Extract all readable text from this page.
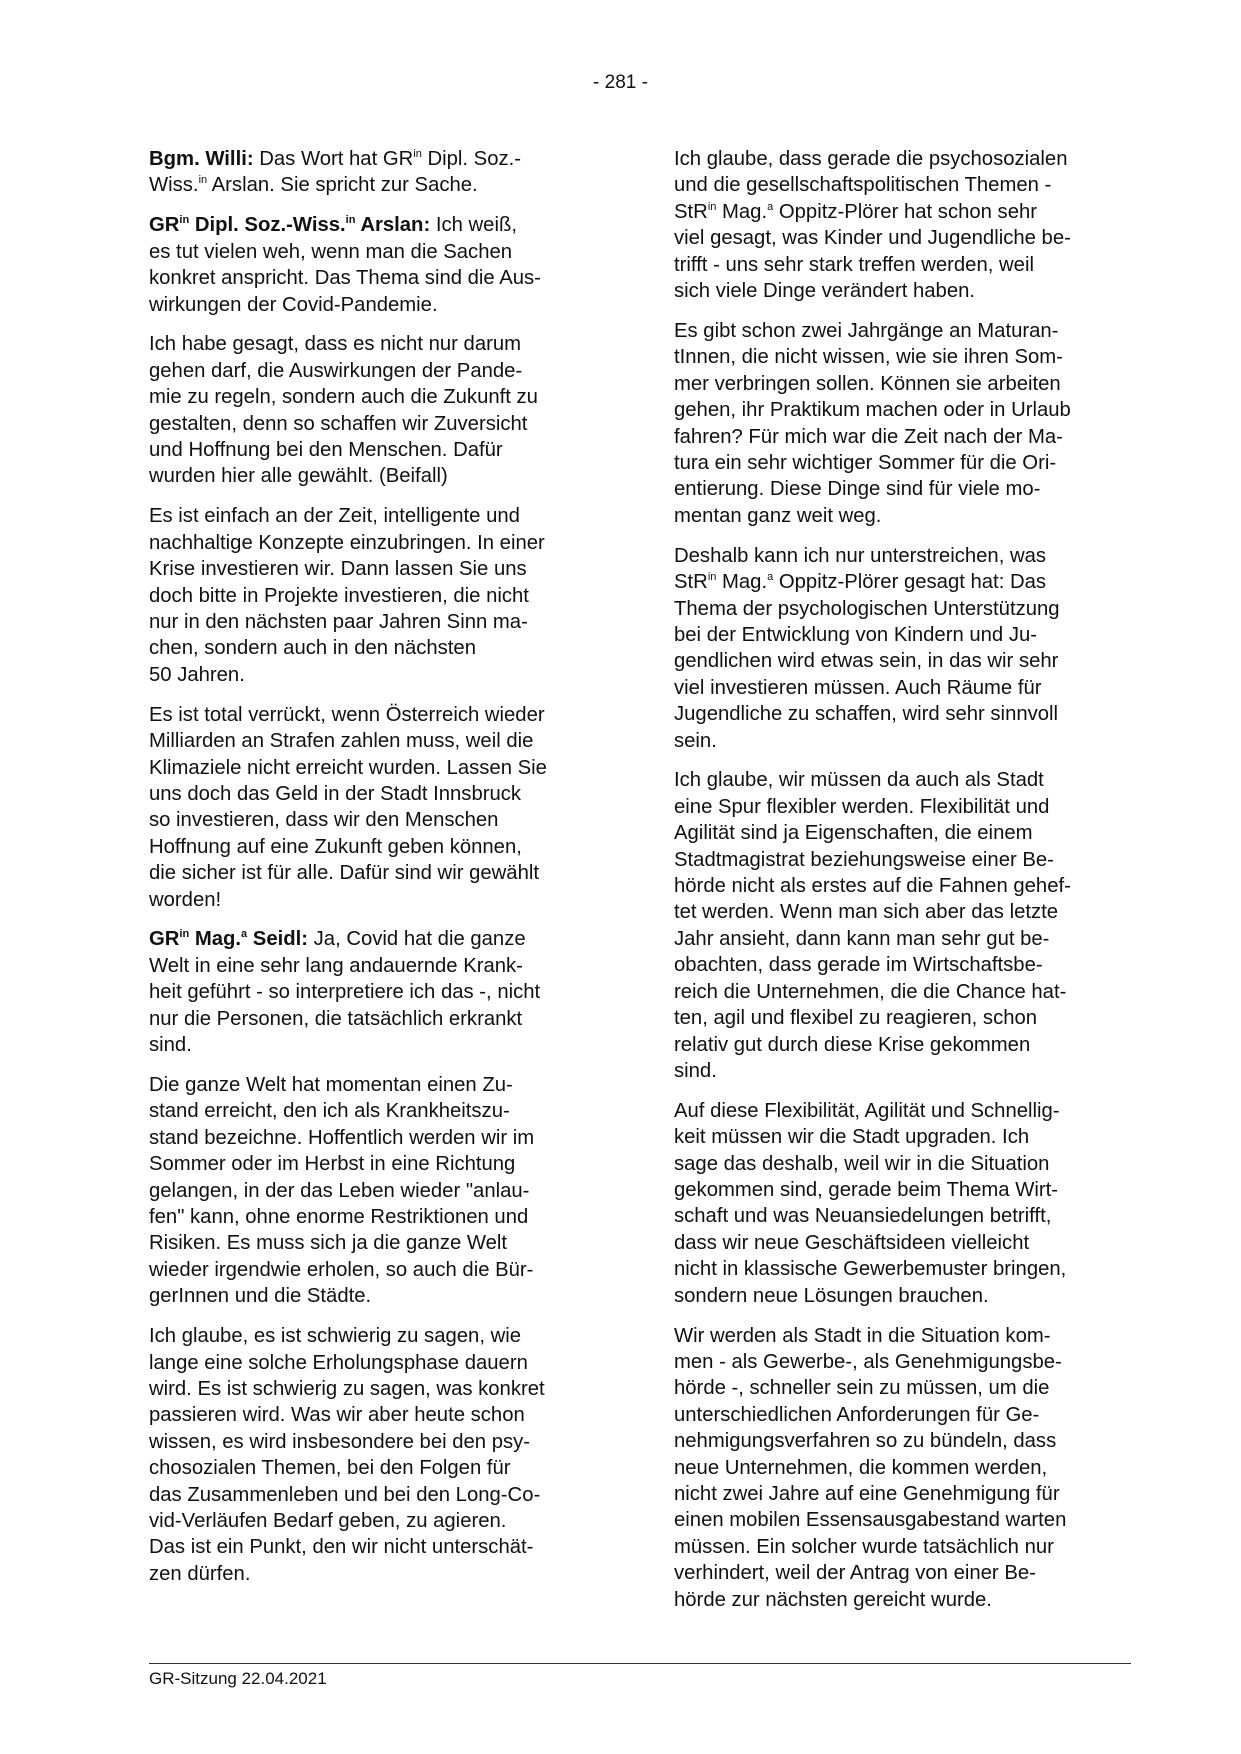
- 281 -

Bgm. Willi: Das Wort hat $GR^{in}$ Dipl. Soz.-
Wiss.$^{in}$ Arslan. Sie spricht zur Sache.

$GR^{in}$ Dipl. Soz.-Wiss.$^{in}$ Arslan: Ich weiß,
es tut vielen weh, wenn man die Sachen
konkret anspricht. Das Thema sind die Aus-
wirkungen der Covid-Pandemie.

Ich habe gesagt, dass es nicht nur darum
gehen darf, die Auswirkungen der Pande-
mie zu regeln, sondern auch die Zukunft zu
gestalten, denn so schaffen wir Zuversicht
und Hoffnung bei den Menschen. Dafür
wurden hier alle gewählt. (Beifall)

Es ist einfach an der Zeit, intelligente und
nachhaltige Konzepte einzubringen. In einer
Krise investieren wir. Dann lassen Sie uns
doch bitte in Projekte investieren, die nicht
nur in den nächsten paar Jahren Sinn ma-
chen, sondern auch in den nächsten
50 Jahren.

Es ist total verrückt, wenn Österreich wieder
Milliarden an Strafen zahlen muss, weil die
Klimaziele nicht erreicht wurden. Lassen Sie
uns doch das Geld in der Stadt Innsbruck
so investieren, dass wir den Menschen
Hoffnung auf eine Zukunft geben können,
die sicher ist für alle. Dafür sind wir gewählt
worden!

$GR^{in}$ Mag.$^a$ Seidl: Ja, Covid hat die ganze
Welt in eine sehr lang andauernde Krank-
heit geführt - so interpretiere ich das -, nicht
nur die Personen, die tatsächlich erkrankt
sind.

Die ganze Welt hat momentan einen Zu-
stand erreicht, den ich als Krankheitszu-
stand bezeichne. Hoffentlich werden wir im
Sommer oder im Herbst in eine Richtung
gelangen, in der das Leben wieder "anlau-
fen" kann, ohne enorme Restriktionen und
Risiken. Es muss sich ja die ganze Welt
wieder irgendwie erholen, so auch die Bür-
gerInnen und die Städte.

Ich glaube, es ist schwierig zu sagen, wie
lange eine solche Erholungsphase dauern
wird. Es ist schwierig zu sagen, was konkret
passieren wird. Was wir aber heute schon
wissen, es wird insbesondere bei den psy-
chosozialen Themen, bei den Folgen für
das Zusammenleben und bei den Long-Co-
vid-Verläufen Bedarf geben, zu agieren.
Das ist ein Punkt, den wir nicht unterschät-
zen dürfen.

Ich glaube, dass gerade die psychosozialen
und die gesellschaftspolitischen Themen -
StR$^{in}$ Mag.$^a$ Oppitz-Plörer hat schon sehr
viel gesagt, was Kinder und Jugendliche be-
trifft - uns sehr stark treffen werden, weil
sich viele Dinge verändert haben.

Es gibt schon zwei Jahrgänge an Maturan-
tInnen, die nicht wissen, wie sie ihren Som-
mer verbringen sollen. Können sie arbeiten
gehen, ihr Praktikum machen oder in Urlaub
fahren? Für mich war die Zeit nach der Ma-
tura ein sehr wichtiger Sommer für die Ori-
entierung. Diese Dinge sind für viele mo-
mentan ganz weit weg.

Deshalb kann ich nur unterstreichen, was
StR$^{in}$ Mag.$^a$ Oppitz-Plörer gesagt hat: Das
Thema der psychologischen Unterstützung
bei der Entwicklung von Kindern und Ju-
gendlichen wird etwas sein, in das wir sehr
viel investieren müssen. Auch Räume für
Jugendliche zu schaffen, wird sehr sinnvoll
sein.

Ich glaube, wir müssen da auch als Stadt
eine Spur flexibler werden. Flexibilität und
Agilität sind ja Eigenschaften, die einem
Stadtmagistrat beziehungsweise einer Be-
hörde nicht als erstes auf die Fahnen gehef-
tet werden. Wenn man sich aber das letzte
Jahr ansieht, dann kann man sehr gut be-
obachten, dass gerade im Wirtschaftsbe-
reich die Unternehmen, die die Chance hat-
ten, agil und flexibel zu reagieren, schon
relativ gut durch diese Krise gekommen
sind.

Auf diese Flexibilität, Agilität und Schnellig-
keit müssen wir die Stadt upgraden. Ich
sage das deshalb, weil wir in die Situation
gekommen sind, gerade beim Thema Wirt-
schaft und was Neuansiedelungen betrifft,
dass wir neue Geschäftsideen vielleicht
nicht in klassische Gewerbemuster bringen,
sondern neue Lösungen brauchen.

Wir werden als Stadt in die Situation kom-
men - als Gewerbe-, als Genehmigungsbe-
hörde -, schneller sein zu müssen, um die
unterschiedlichen Anforderungen für Ge-
nehmigungsverfahren so zu bündeln, dass
neue Unternehmen, die kommen werden,
nicht zwei Jahre auf eine Genehmigung für
einen mobilen Essensausgabestand warten
müssen. Ein solcher wurde tatsächlich nur
verhindert, weil der Antrag von einer Be-
hörde zur nächsten gereicht wurde.

GR-Sitzung 22.04.2021
